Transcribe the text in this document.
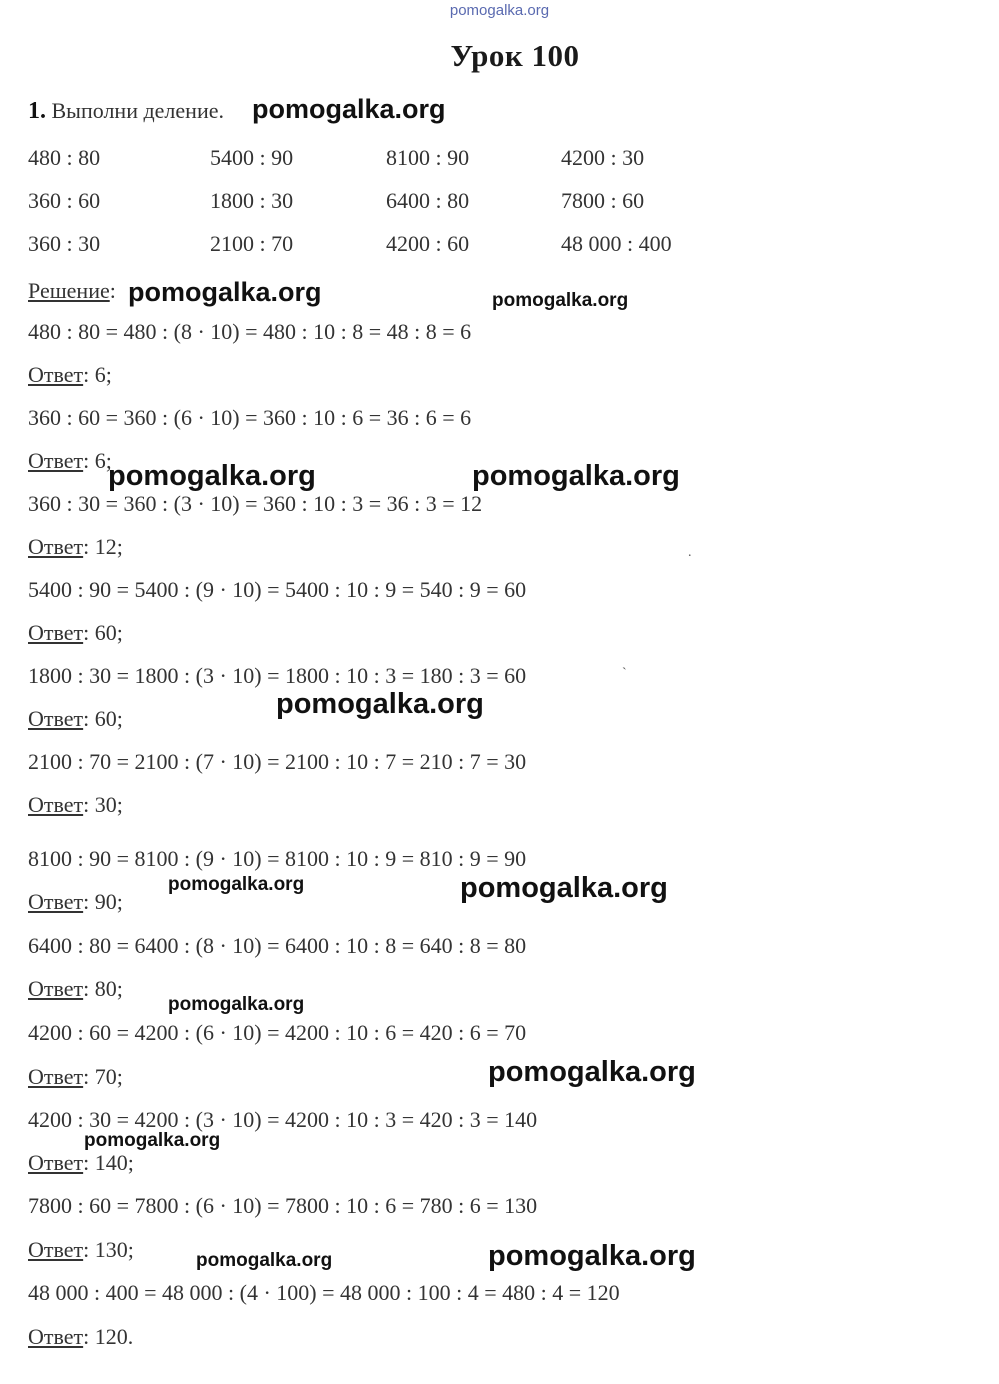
pomogalka.org
Урок 100
1. Выполни деление.
480 : 80	5400 : 90	8100 : 90	4200 : 30
360 : 60	1800 : 30	6400 : 80	7800 : 60
360 : 30	2100 : 70	4200 : 60	48 000 : 400
Решение:
480 : 80 = 480 : (8 · 10) = 480 : 10 : 8 = 48 : 8 = 6
Ответ: 6;
360 : 60 = 360 : (6 · 10) = 360 : 10 : 6 = 36 : 6 = 6
Ответ: 6;
360 : 30 = 360 : (3 · 10) = 360 : 10 : 3 = 36 : 3 = 12
Ответ: 12;
5400 : 90 = 5400 : (9 · 10) = 5400 : 10 : 9 = 540 : 9 = 60
Ответ: 60;
1800 : 30 = 1800 : (3 · 10) = 1800 : 10 : 3 = 180 : 3 = 60
Ответ: 60;
2100 : 70 = 2100 : (7 · 10) = 2100 : 10 : 7 = 210 : 7 = 30
Ответ: 30;
8100 : 90 = 8100 : (9 · 10) = 8100 : 10 : 9 = 810 : 9 = 90
Ответ: 90;
6400 : 80 = 6400 : (8 · 10) = 6400 : 10 : 8 = 640 : 8 = 80
Ответ: 80;
4200 : 60 = 4200 : (6 · 10) = 4200 : 10 : 6 = 420 : 6 = 70
Ответ: 70;
4200 : 30 = 4200 : (3 · 10) = 4200 : 10 : 3 = 420 : 3 = 140
Ответ: 140;
7800 : 60 = 7800 : (6 · 10) = 7800 : 10 : 6 = 780 : 6 = 130
Ответ: 130;
48 000 : 400 = 48 000 : (4 · 100) = 48 000 : 100 : 4 = 480 : 4 = 120
Ответ: 120.
pomogalka.org
pomogalka.org	pomogalka.org
pomogalka.org	pomogalka.org
pomogalka.org
pomogalka.org	pomogalka.org
pomogalka.org
pomogalka.org
pomogalka.org
pomogalka.org	pomogalka.org
.
`
